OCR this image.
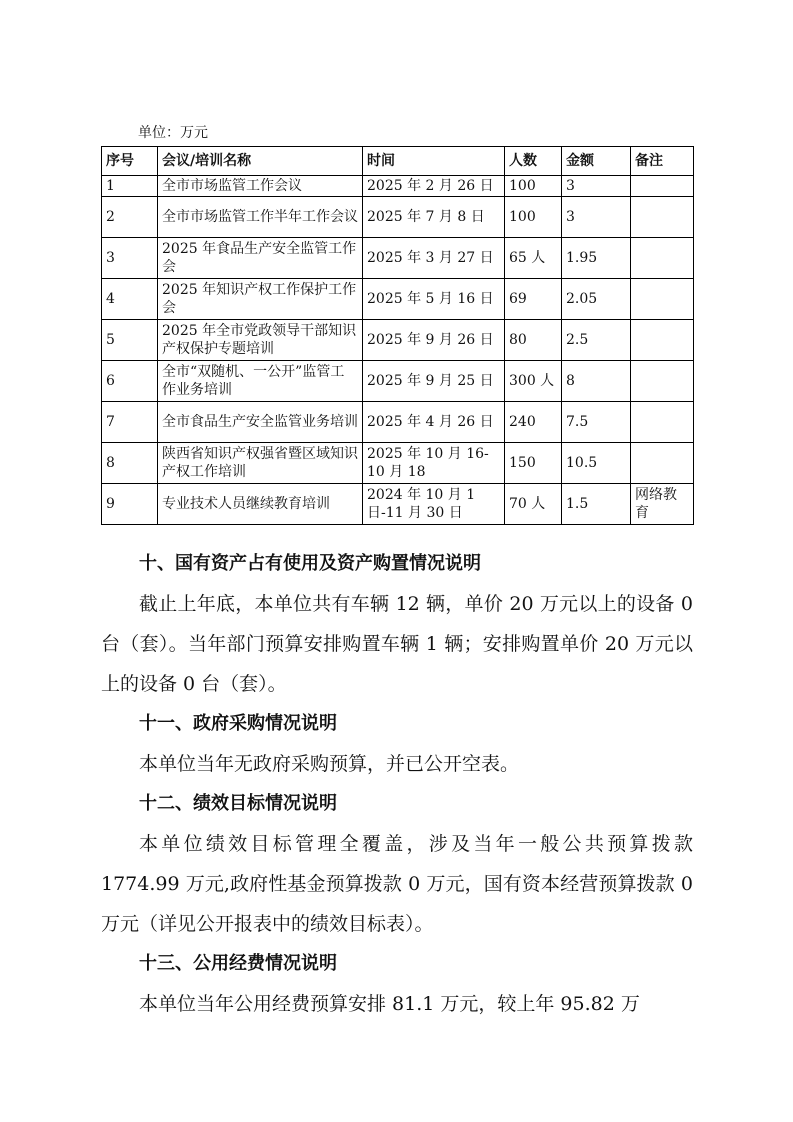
单位：万元
序号	会议/培训名称	时间	人数	金额	备注
1	全市市场监管工作会议	2025 年 2 月 26 日	100	3	
2	全市市场监管工作半年工作会议	2025 年 7 月 8 日	100	3	
3	2025 年食品生产安全监管工作会	2025 年 3 月 27 日	65 人	1.95	
4	2025 年知识产权工作保护工作会	2025 年 5 月 16 日	69	2.05	
5	2025 年全市党政领导干部知识产权保护专题培训	2025 年 9 月 26 日	80	2.5	
6	全市“双随机、一公开”监管工作业务培训	2025 年 9 月 25 日	300 人	8	
7	全市食品生产安全监管业务培训	2025 年 4 月 26 日	240	7.5	
8	陕西省知识产权强省暨区域知识产权工作培训	2025 年 10 月 16-10 月 18	150	10.5	
9	专业技术人员继续教育培训	2024 年 10 月 1 日-11 月 30 日	70 人	1.5	网络教育
十、国有资产占有使用及资产购置情况说明

截止上年底，本单位共有车辆 12 辆，单价 20 万元以上的设备 0 台（套）。当年部门预算安排购置车辆 1 辆；安排购置单价 20 万元以上的设备 0 台（套）。

十一、政府采购情况说明

本单位当年无政府采购预算，并已公开空表。

十二、绩效目标情况说明

本单位绩效目标管理全覆盖，涉及当年一般公共预算拨款 1774.99 万元,政府性基金预算拨款 0 万元，国有资本经营预算拨款 0 万元（详见公开报表中的绩效目标表）。

十三、公用经费情况说明

本单位当年公用经费预算安排 81.1 万元，较上年 95.82 万
